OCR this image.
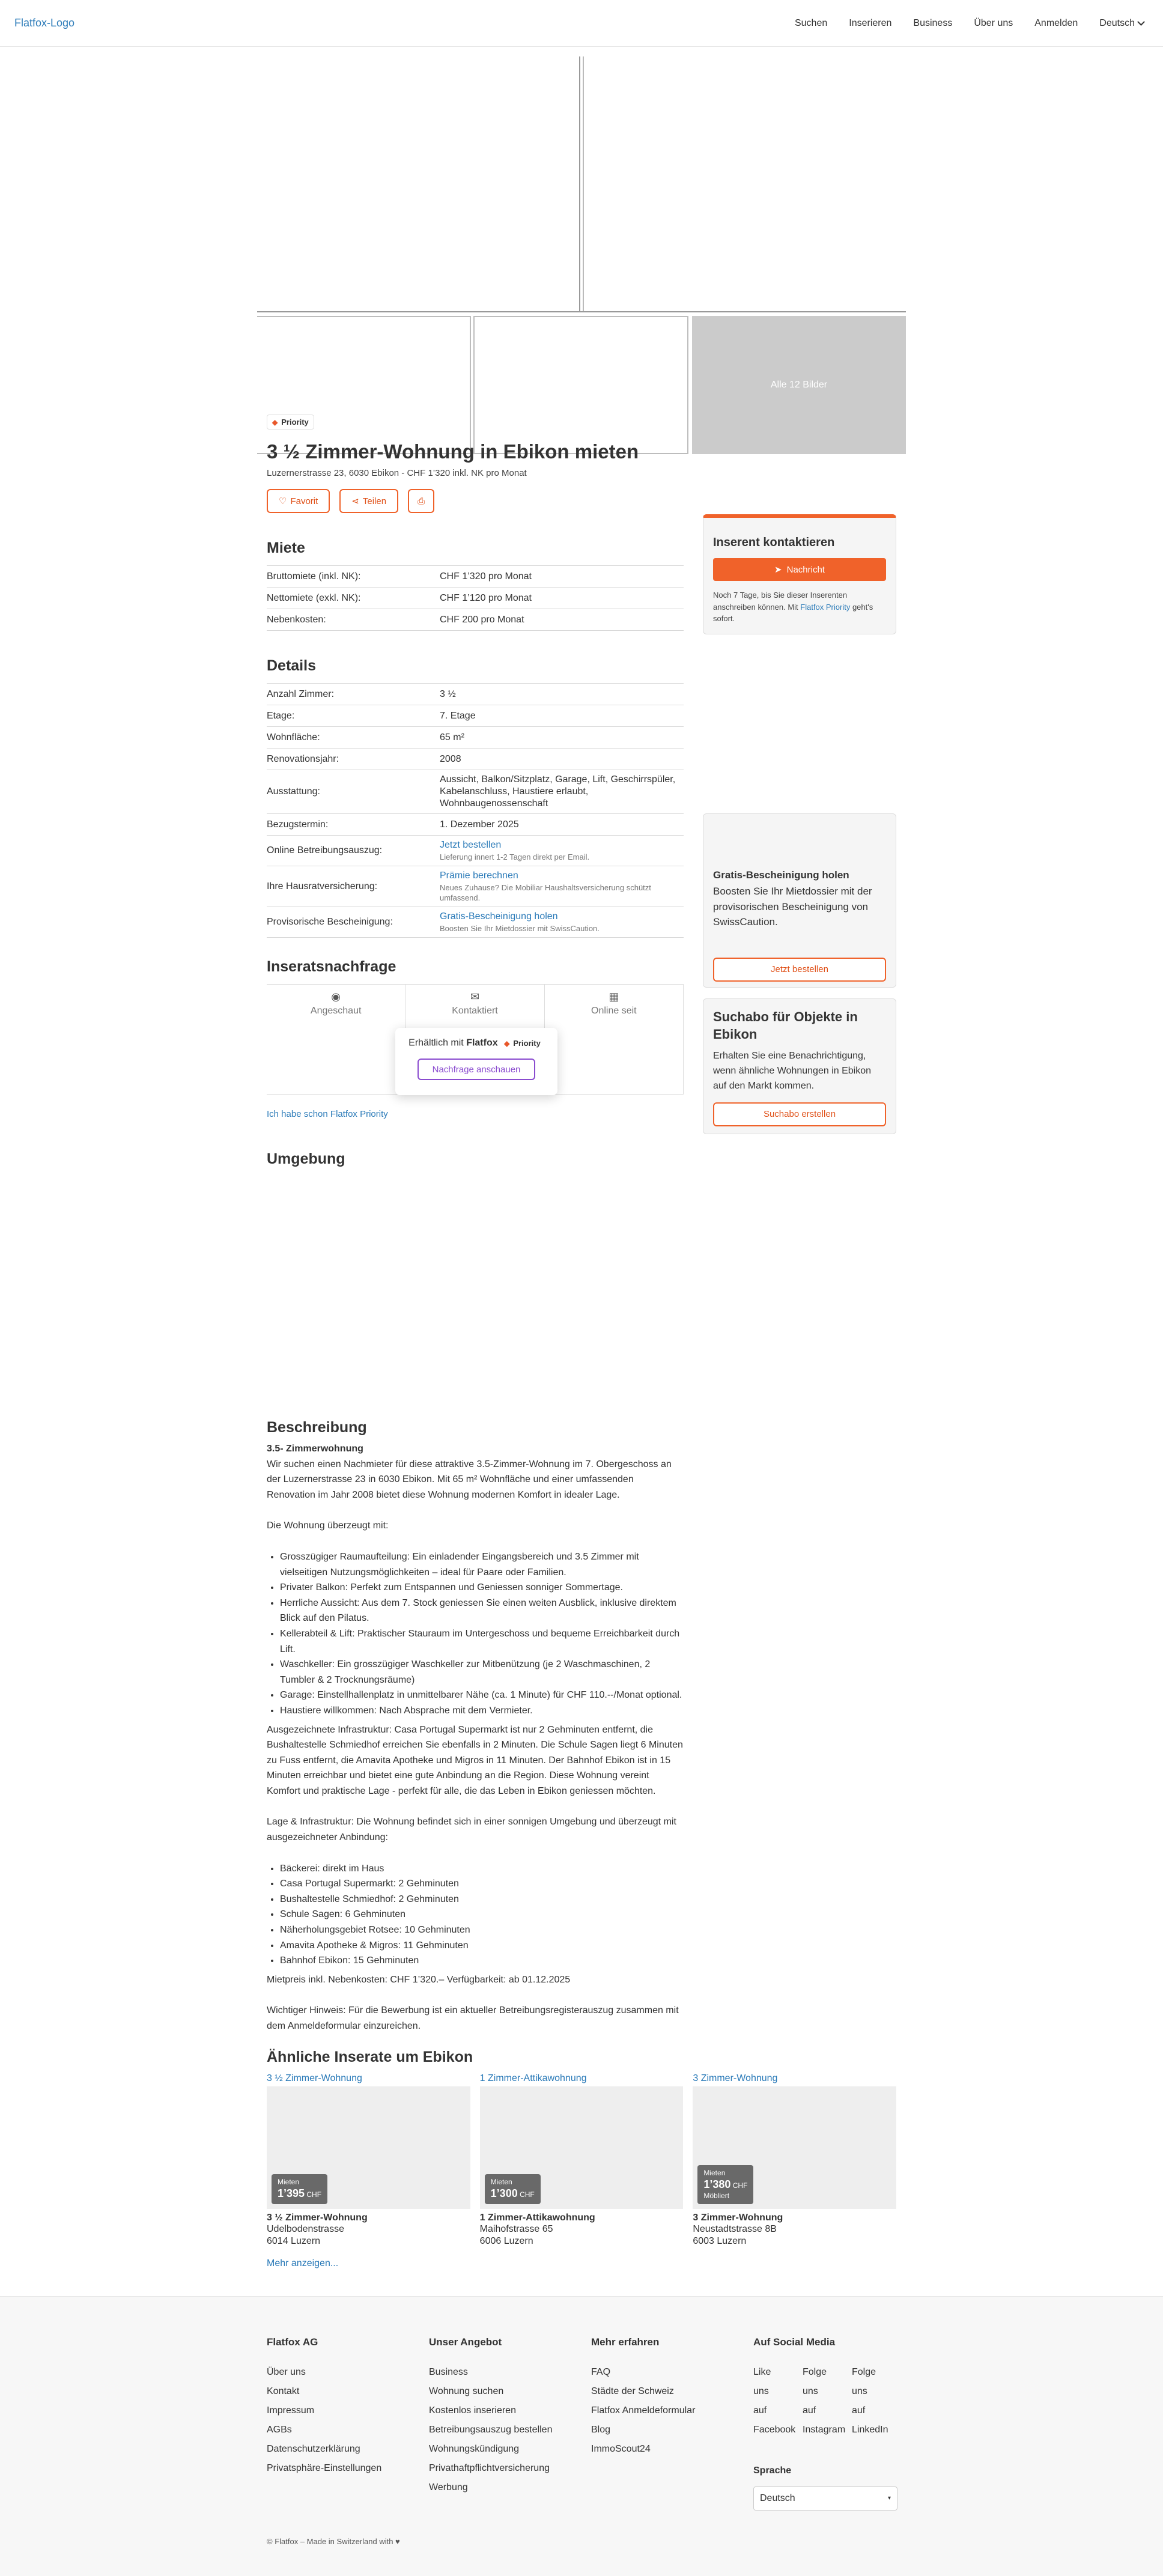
Flatfox-Logo	Suchen Inserieren Business Über uns Anmelden Deutsch
Alle 12 Bilder
◆ Priority
3 ½ Zimmer-Wohnung in Ebikon mieten
Luzernerstrasse 23, 6030 Ebikon - CHF 1’320 inkl. NK pro Monat
♡ Favorit	⋖ Teilen	⎙
Miete
Bruttomiete (inkl. NK):	CHF 1’320 pro Monat
Nettomiete (exkl. NK):	CHF 1’120 pro Monat
Nebenkosten:	CHF 200 pro Monat
Details
Anzahl Zimmer:	3 ½
Etage:	7. Etage
Wohnfläche:	65 m²
Renovationsjahr:	2008
Ausstattung:
Aussicht, Balkon/Sitzplatz, Garage, Lift, Geschirrspüler, Kabelanschluss, Haustiere erlaubt, Wohnbaugenossenschaft
Bezugstermin:	1. Dezember 2025
Online Betreibungsauszug:
Jetzt bestellen
Lieferung innert 1-2 Tagen direkt per Email.
Ihre Hausratversicherung:
Prämie berechnen
Neues Zuhause? Die Mobiliar Haushaltsversicherung schützt umfassend.
Provisorische Bescheinigung:
Gratis-Bescheinigung holen
Boosten Sie Ihr Mietdossier mit SwissCaution.
Inseratsnachfrage
◉
Angeschaut
✉
Kontaktiert
▦
Online seit
Erhältlich mit Flatfox ◆ Priority
Nachfrage anschauen
Ich habe schon Flatfox Priority
Umgebung
Beschreibung

3.5- Zimmerwohnung

Wir suchen einen Nachmieter für diese attraktive 3.5-Zimmer-Wohnung im 7. Obergeschoss an der Luzernerstrasse 23 in 6030 Ebikon. Mit 65 m² Wohnfläche und einer umfassenden Renovation im Jahr 2008 bietet diese Wohnung modernen Komfort in idealer Lage.

Die Wohnung überzeugt mit:

• Grosszügiger Raumaufteilung: Ein einladender Eingangsbereich und 3.5 Zimmer mit vielseitigen Nutzungsmöglichkeiten – ideal für Paare oder Familien.
• Privater Balkon: Perfekt zum Entspannen und Geniessen sonniger Sommertage.
• Herrliche Aussicht: Aus dem 7. Stock geniessen Sie einen weiten Ausblick, inklusive direktem Blick auf den Pilatus.
• Kellerabteil & Lift: Praktischer Stauraum im Untergeschoss und bequeme Erreichbarkeit durch Lift.
• Waschkeller: Ein grosszügiger Waschkeller zur Mitbenützung (je 2 Waschmaschinen, 2 Tumbler & 2 Trocknungsräume)
• Garage: Einstellhallenplatz in unmittelbarer Nähe (ca. 1 Minute) für CHF 110.--/Monat optional.
• Haustiere willkommen: Nach Absprache mit dem Vermieter.

Ausgezeichnete Infrastruktur: Casa Portugal Supermarkt ist nur 2 Gehminuten entfernt, die Bushaltestelle Schmiedhof erreichen Sie ebenfalls in 2 Minuten. Die Schule Sagen liegt 6 Minuten zu Fuss entfernt, die Amavita Apotheke und Migros in 11 Minuten. Der Bahnhof Ebikon ist in 15 Minuten erreichbar und bietet eine gute Anbindung an die Region. Diese Wohnung vereint Komfort und praktische Lage - perfekt für alle, die das Leben in Ebikon geniessen möchten.

Lage & Infrastruktur: Die Wohnung befindet sich in einer sonnigen Umgebung und überzeugt mit ausgezeichneter Anbindung:

• Bäckerei: direkt im Haus
• Casa Portugal Supermarkt: 2 Gehminuten
• Bushaltestelle Schmiedhof: 2 Gehminuten
• Schule Sagen: 6 Gehminuten
• Näherholungsgebiet Rotsee: 10 Gehminuten
• Amavita Apotheke & Migros: 11 Gehminuten
• Bahnhof Ebikon: 15 Gehminuten

Mietpreis inkl. Nebenkosten: CHF 1’320.– Verfügbarkeit: ab 01.12.2025

Wichtiger Hinweis: Für die Bewerbung ist ein aktueller Betreibungsregisterauszug zusammen mit dem Anmeldeformular einzureichen.

Inserent kontaktieren
➤ Nachricht

Noch 7 Tage, bis Sie dieser Inserenten anschreiben können. Mit Flatfox Priority geht's sofort.

Gratis-Bescheinigung holen

Boosten Sie Ihr Mietdossier mit der provisorischen Bescheinigung von SwissCaution.

Jetzt bestellen
Suchabo für Objekte in Ebikon

Erhalten Sie eine Benachrichtigung, wenn ähnliche Wohnungen in Ebikon auf den Markt kommen.

Suchabo erstellen
Ähnliche Inserate um Ebikon
3 ½ Zimmer-Wohnung
Mieten
1’395 CHF
3 ½ Zimmer-Wohnung
Udelbodenstrasse
6014 Luzern
1 Zimmer-Attikawohnung
Mieten
1’300 CHF
1 Zimmer-Attikawohnung
Maihofstrasse 65
6006 Luzern
3 Zimmer-Wohnung
Mieten
1’380 CHF
Möbliert
3 Zimmer-Wohnung
Neustadtstrasse 8B
6003 Luzern
Mehr anzeigen...
Flatfox AG
Über uns
Kontakt
Impressum
AGBs
Datenschutzerklärung
Privatsphäre-Einstellungen
Unser Angebot
Business
Wohnung suchen
Kostenlos inserieren
Betreibungsauszug bestellen
Wohnungskündigung
Privathaftpflichtversicherung
Werbung
Mehr erfahren
FAQ
Städte der Schweiz
Flatfox Anmeldeformular
Blog
ImmoScout24
Auf Social Media
Like	Folge	Folge
uns	uns	uns
auf	auf	auf
Facebook Instagram LinkedIn
Sprache
Deutsch	▾
© Flatfox – Made in Switzerland with ♥
